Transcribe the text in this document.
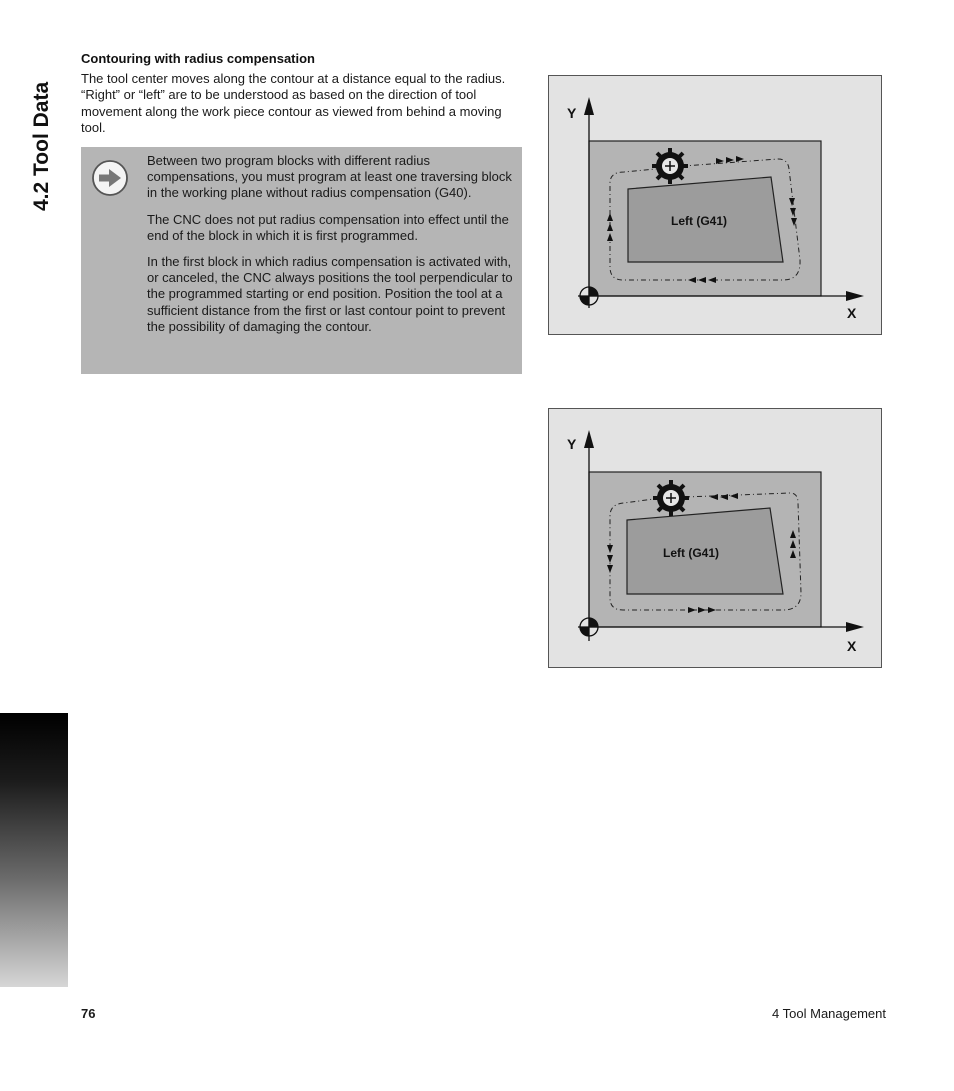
4.2 Tool Data
Contouring with radius compensation

The tool center moves along the contour at a distance equal to the radius. “Right” or “left” are to be understood as based on the direction of tool movement along the work piece contour as viewed from behind a moving tool.

Between two program blocks with different radius compensations, you must program at least one traversing block in the working plane without radius compensation (G40).

The CNC does not put radius compensation into effect until the end of the block in which it is first programmed.

In the first block in which radius compensation is activated with, or canceled, the CNC always positions the tool perpendicular to the programmed starting or end position. Position the tool at a sufficient distance from the first or last contour point to prevent the possibility of damaging the contour.

Y
X
Left (G41)
Y
X
Left (G41)
76	4 Tool Management
